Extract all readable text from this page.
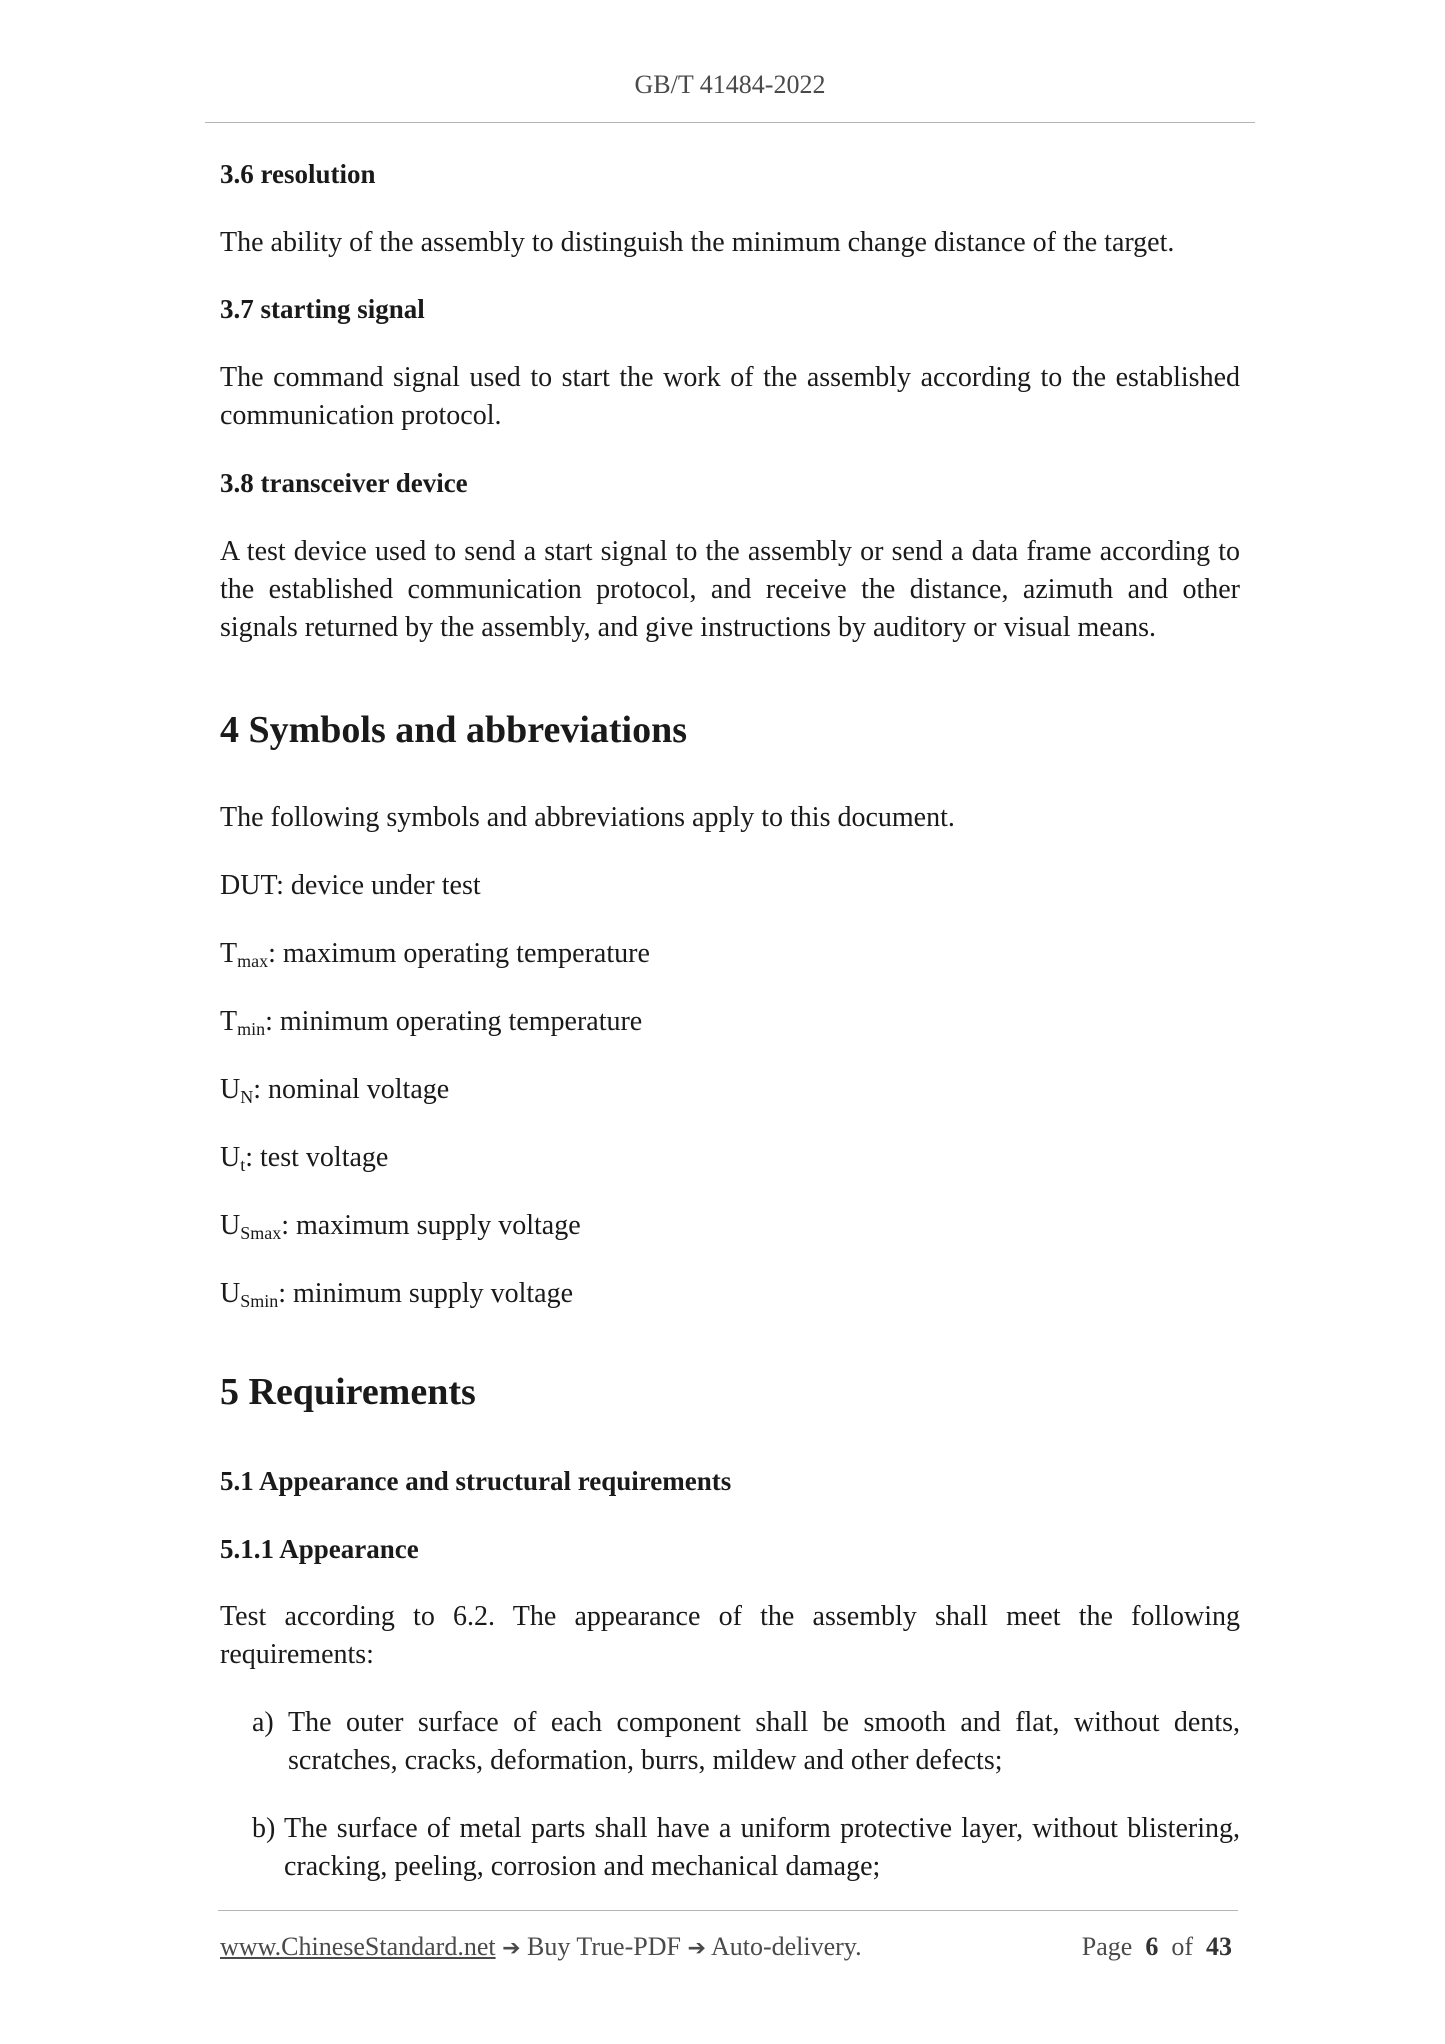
GB/T 41484-2022

3.6 resolution

The ability of the assembly to distinguish the minimum change distance of the target.

3.7 starting signal

The command signal used to start the work of the assembly according to the established communication protocol.

3.8 transceiver device

A test device used to send a start signal to the assembly or send a data frame according to the established communication protocol, and receive the distance, azimuth and other signals returned by the assembly, and give instructions by auditory or visual means.

4 Symbols and abbreviations

The following symbols and abbreviations apply to this document.

DUT: device under test

$T_{max}$: maximum operating temperature

$T_{min}$: minimum operating temperature

$U_N$: nominal voltage

$U_t$: test voltage

$U_{Smax}$: maximum supply voltage

$U_{Smin}$: minimum supply voltage

5 Requirements

5.1 Appearance and structural requirements

5.1.1 Appearance

Test according to 6.2. The appearance of the assembly shall meet the following requirements:

a) The outer surface of each component shall be smooth and flat, without dents, scratches, cracks, deformation, burrs, mildew and other defects;
b) The surface of metal parts shall have a uniform protective layer, without blistering, cracking, peeling, corrosion and mechanical damage;
www.ChineseStandard.net ➔ Buy True-PDF ➔ Auto-delivery.	Page 6 of 43
